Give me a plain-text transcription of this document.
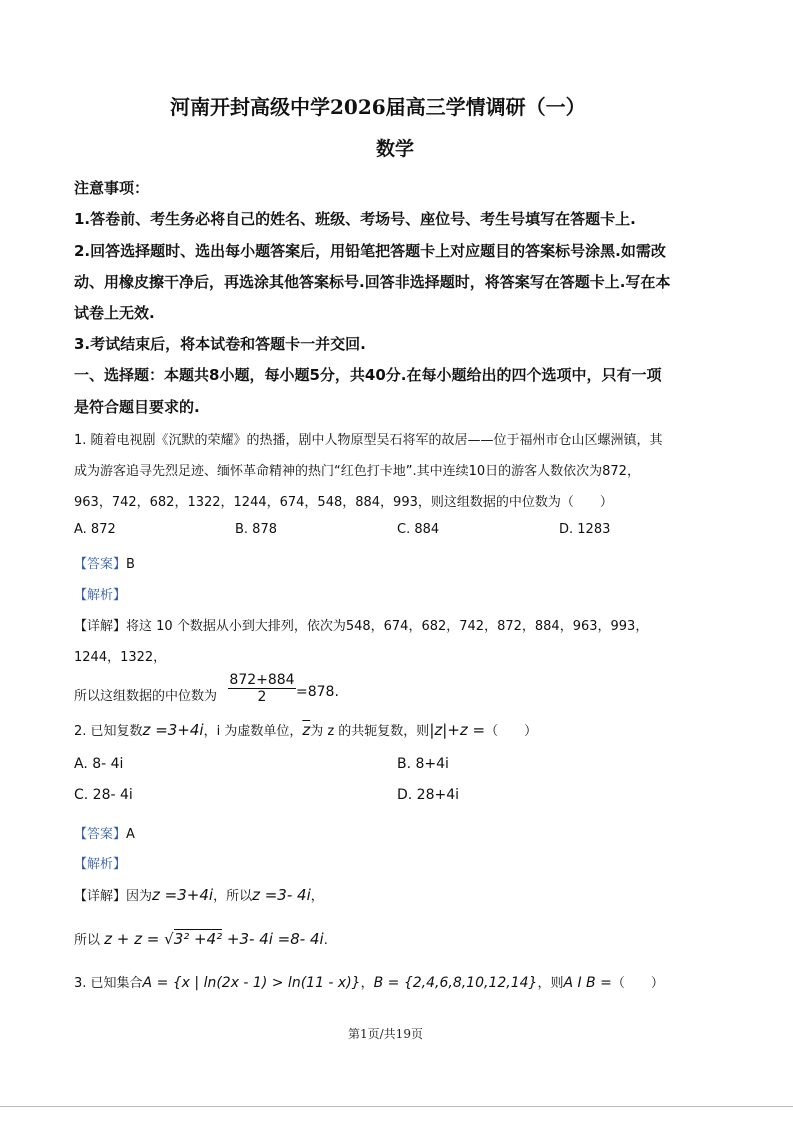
河南开封高级中学2026届高三学情调研（一）
数学
注意事项：
1.答卷前、考生务必将自己的姓名、班级、考场号、座位号、考生号填写在答题卡上.
2.回答选择题时、选出每小题答案后，用铅笔把答题卡上对应题目的答案标号涂黑.如需改
动、用橡皮擦干净后，再选涂其他答案标号.回答非选择题时，将答案写在答题卡上.写在本
试卷上无效.
3.考试结束后，将本试卷和答题卡一并交回.
一、选择题：本题共8小题，每小题5分，共40分.在每小题给出的四个选项中，只有一项
是符合题目要求的.
1. 随着电视剧《沉默的荣耀》的热播，剧中人物原型吴石将军的故居——位于福州市仓山区螺洲镇，其
成为游客追寻先烈足迹、缅怀革命精神的热门“红色打卡地”.其中连续10日的游客人数依次为872，
963，742，682，1322，1244，674，548，884，993，则这组数据的中位数为（　　）
A. 872	B. 878	C. 884	D. 1283
【答案】B
【解析】
【详解】将这 10 个数据从小到大排列，依次为548，674，682，742，872，884，963，993，
1244，1322，
所以这组数据的中位数为
872+884
2	=878.
2. 已知复数z =3+4i，i 为虚数单位，$\overline{z}$为 z 的共轭复数，则|z|+z =（　　）
A. 8- 4i	B. 8+4i
C. 28- 4i	D. 28+4i
【答案】A
【解析】
【详解】因为z =3+4i，所以z =3- 4i，
所以 z + z = √3² +4² +3- 4i =8- 4i.
3. 已知集合A = {x | ln(2x - 1) > ln(11 - x)}，B = {2,4,6,8,10,12,14}，则A I B =（　　）
第1页/共19页
